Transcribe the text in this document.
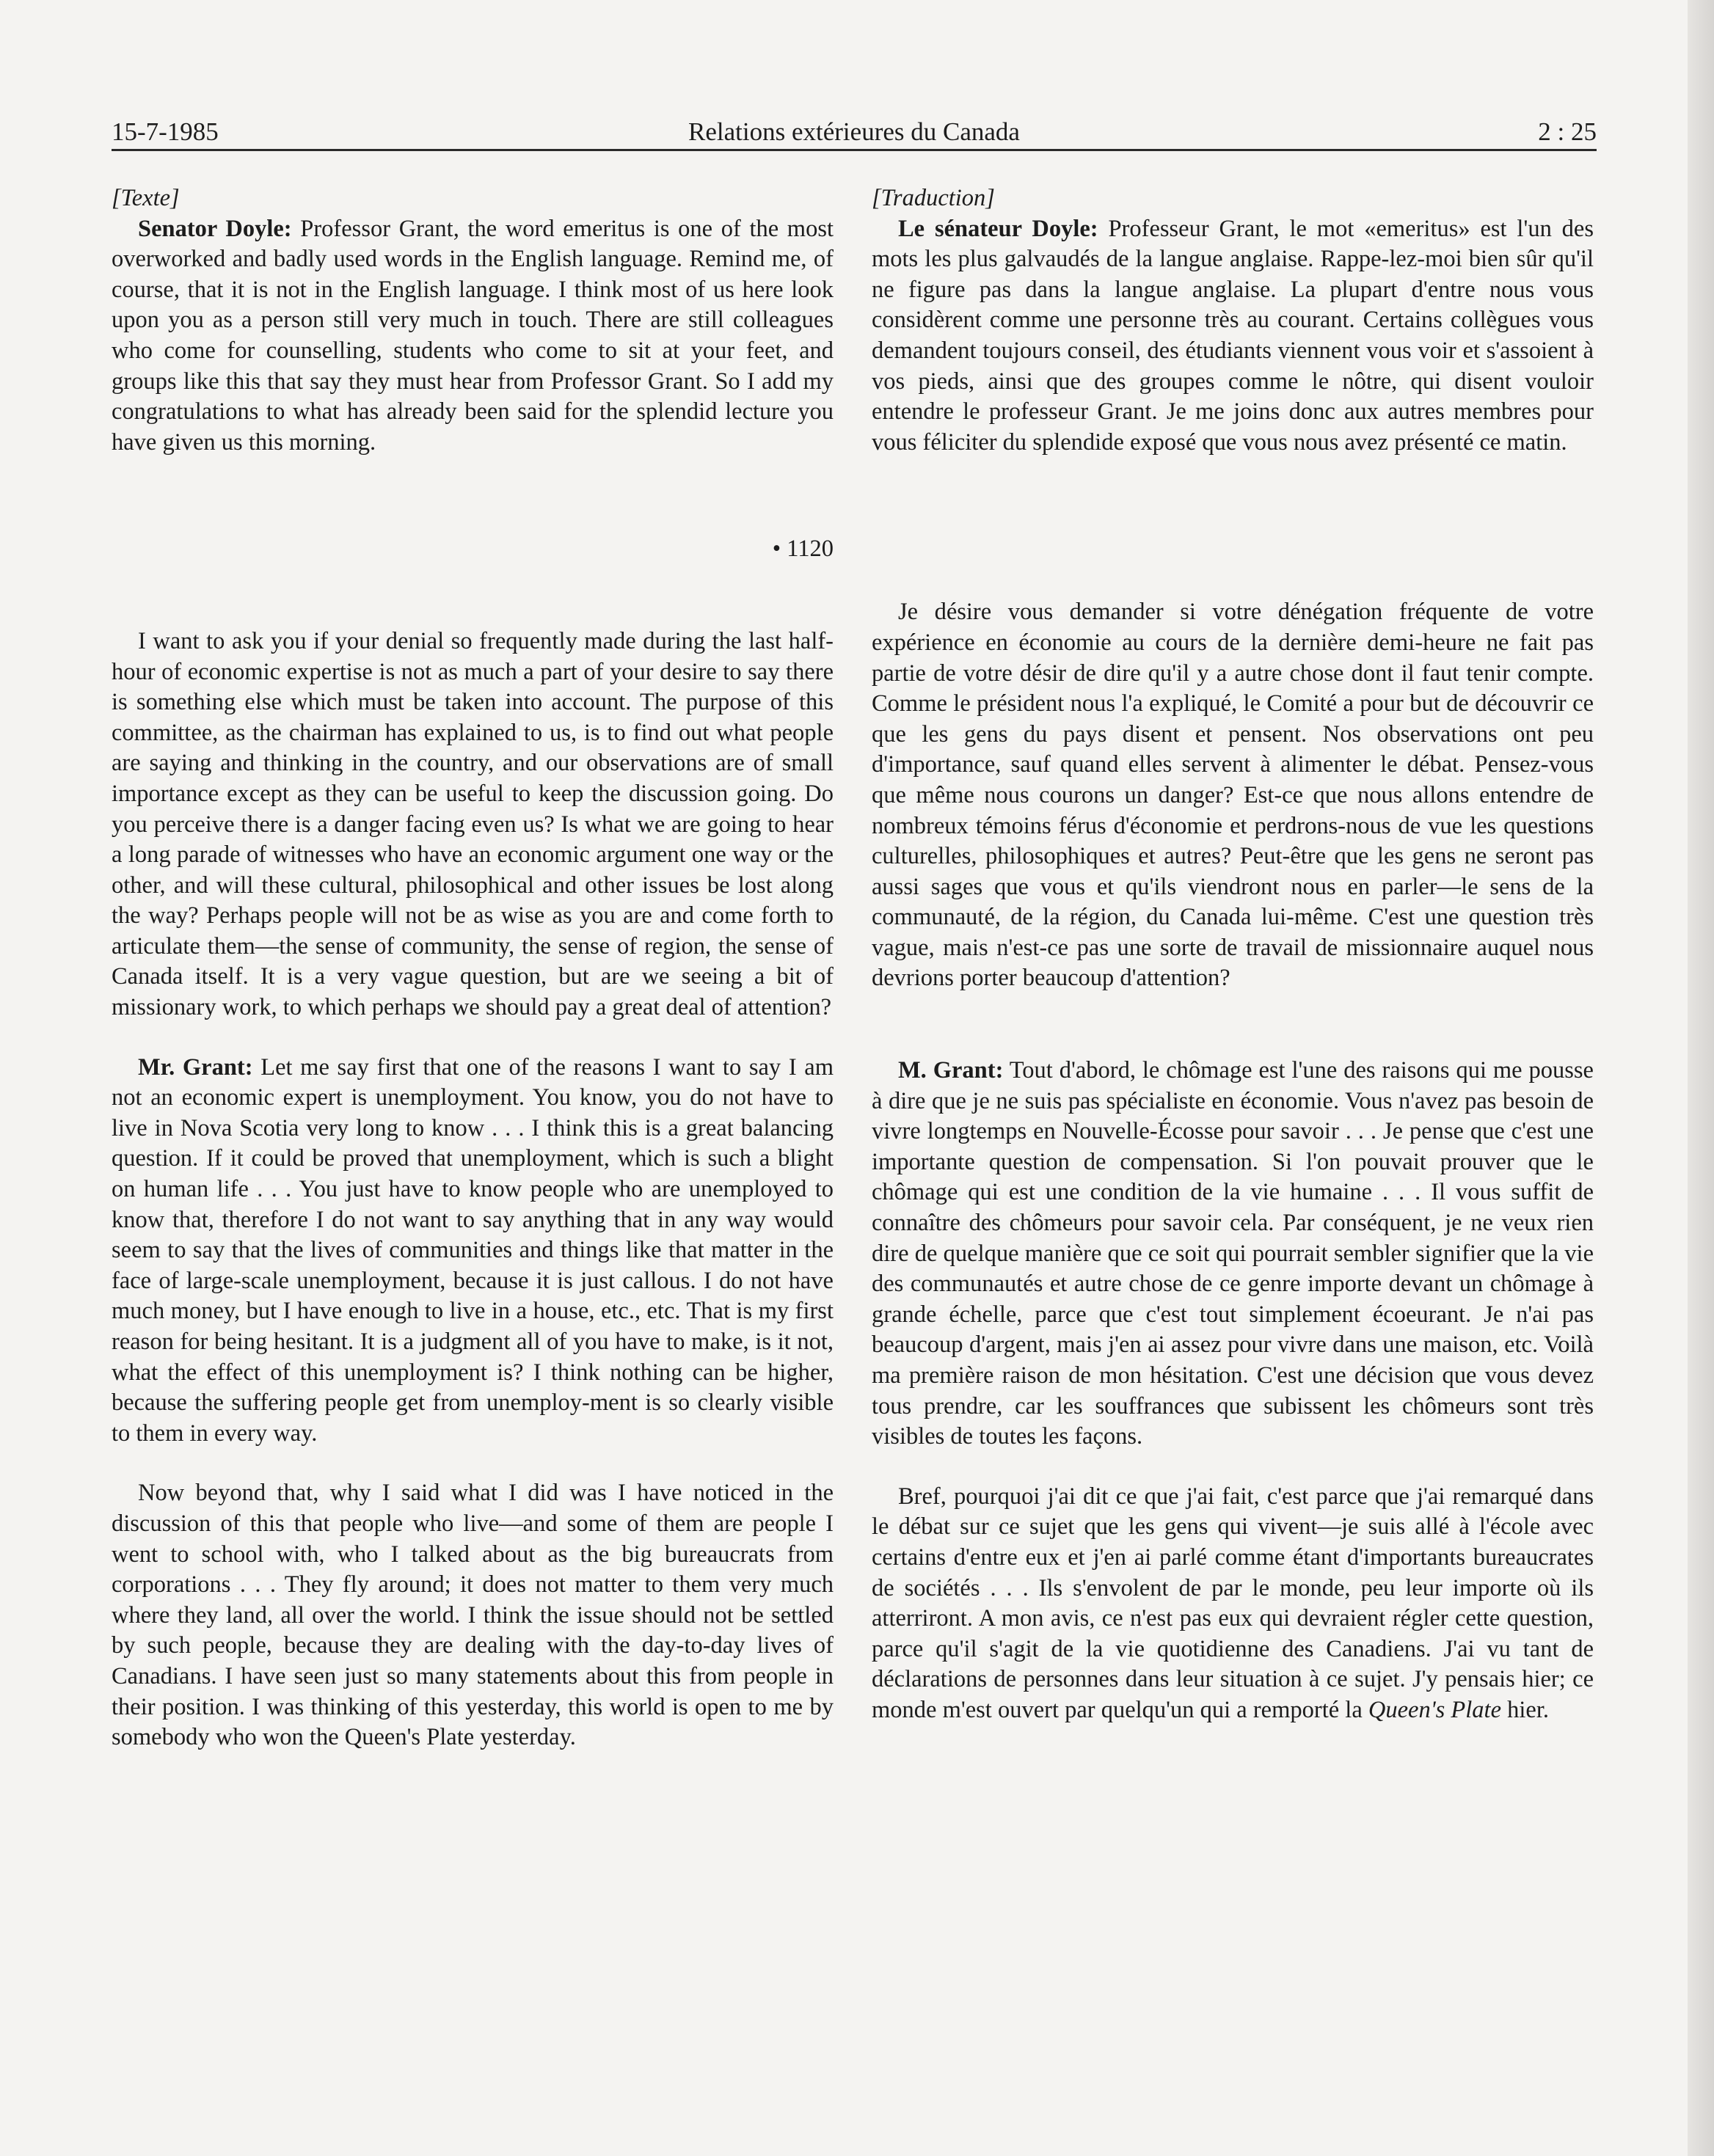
15-7-1985	Relations extérieures du Canada	2 : 25

[Texte]

Senator Doyle: Professor Grant, the word emeritus is one of the most overworked and badly used words in the English language. Remind me, of course, that it is not in the English language. I think most of us here look upon you as a person still very much in touch. There are still colleagues who come for counselling, students who come to sit at your feet, and groups like this that say they must hear from Professor Grant. So I add my congratulations to what has already been said for the splendid lecture you have given us this morning.

• 1120

I want to ask you if your denial so frequently made during the last half-hour of economic expertise is not as much a part of your desire to say there is something else which must be taken into account. The purpose of this committee, as the chairman has explained to us, is to find out what people are saying and thinking in the country, and our observations are of small importance except as they can be useful to keep the discussion going. Do you perceive there is a danger facing even us? Is what we are going to hear a long parade of witnesses who have an economic argument one way or the other, and will these cultural, philosophical and other issues be lost along the way? Perhaps people will not be as wise as you are and come forth to articulate them—the sense of community, the sense of region, the sense of Canada itself. It is a very vague question, but are we seeing a bit of missionary work, to which perhaps we should pay a great deal of attention?

Mr. Grant: Let me say first that one of the reasons I want to say I am not an economic expert is unemployment. You know, you do not have to live in Nova Scotia very long to know . . . I think this is a great balancing question. If it could be proved that unemployment, which is such a blight on human life . . . You just have to know people who are unemployed to know that, therefore I do not want to say anything that in any way would seem to say that the lives of communities and things like that matter in the face of large-scale unemployment, because it is just callous. I do not have much money, but I have enough to live in a house, etc., etc. That is my first reason for being hesitant. It is a judgment all of you have to make, is it not, what the effect of this unemployment is? I think nothing can be higher, because the suffering people get from unemploy-ment is so clearly visible to them in every way.

Now beyond that, why I said what I did was I have noticed in the discussion of this that people who live—and some of them are people I went to school with, who I talked about as the big bureaucrats from corporations . . . They fly around; it does not matter to them very much where they land, all over the world. I think the issue should not be settled by such people, because they are dealing with the day-to-day lives of Canadians. I have seen just so many statements about this from people in their position. I was thinking of this yesterday, this world is open to me by somebody who won the Queen's Plate yesterday.

[Traduction]

Le sénateur Doyle: Professeur Grant, le mot «emeritus» est l'un des mots les plus galvaudés de la langue anglaise. Rappe-lez-moi bien sûr qu'il ne figure pas dans la langue anglaise. La plupart d'entre nous vous considèrent comme une personne très au courant. Certains collègues vous demandent toujours conseil, des étudiants viennent vous voir et s'assoient à vos pieds, ainsi que des groupes comme le nôtre, qui disent vouloir entendre le professeur Grant. Je me joins donc aux autres membres pour vous féliciter du splendide exposé que vous nous avez présenté ce matin.

Je désire vous demander si votre dénégation fréquente de votre expérience en économie au cours de la dernière demi-heure ne fait pas partie de votre désir de dire qu'il y a autre chose dont il faut tenir compte. Comme le président nous l'a expliqué, le Comité a pour but de découvrir ce que les gens du pays disent et pensent. Nos observations ont peu d'importance, sauf quand elles servent à alimenter le débat. Pensez-vous que même nous courons un danger? Est-ce que nous allons entendre de nombreux témoins férus d'économie et perdrons-nous de vue les questions culturelles, philosophiques et autres? Peut-être que les gens ne seront pas aussi sages que vous et qu'ils viendront nous en parler—le sens de la communauté, de la région, du Canada lui-même. C'est une question très vague, mais n'est-ce pas une sorte de travail de missionnaire auquel nous devrions porter beaucoup d'attention?

M. Grant: Tout d'abord, le chômage est l'une des raisons qui me pousse à dire que je ne suis pas spécialiste en économie. Vous n'avez pas besoin de vivre longtemps en Nouvelle-Écosse pour savoir . . . Je pense que c'est une importante question de compensation. Si l'on pouvait prouver que le chômage qui est une condition de la vie humaine . . . Il vous suffit de connaître des chômeurs pour savoir cela. Par conséquent, je ne veux rien dire de quelque manière que ce soit qui pourrait sembler signifier que la vie des communautés et autre chose de ce genre importe devant un chômage à grande échelle, parce que c'est tout simplement écoeurant. Je n'ai pas beaucoup d'argent, mais j'en ai assez pour vivre dans une maison, etc. Voilà ma première raison de mon hésitation. C'est une décision que vous devez tous prendre, car les souffrances que subissent les chômeurs sont très visibles de toutes les façons.

Bref, pourquoi j'ai dit ce que j'ai fait, c'est parce que j'ai remarqué dans le débat sur ce sujet que les gens qui vivent—je suis allé à l'école avec certains d'entre eux et j'en ai parlé comme étant d'importants bureaucrates de sociétés . . . Ils s'envolent de par le monde, peu leur importe où ils atterriront. A mon avis, ce n'est pas eux qui devraient régler cette question, parce qu'il s'agit de la vie quotidienne des Canadiens. J'ai vu tant de déclarations de personnes dans leur situation à ce sujet. J'y pensais hier; ce monde m'est ouvert par quelqu'un qui a remporté la Queen's Plate hier.
